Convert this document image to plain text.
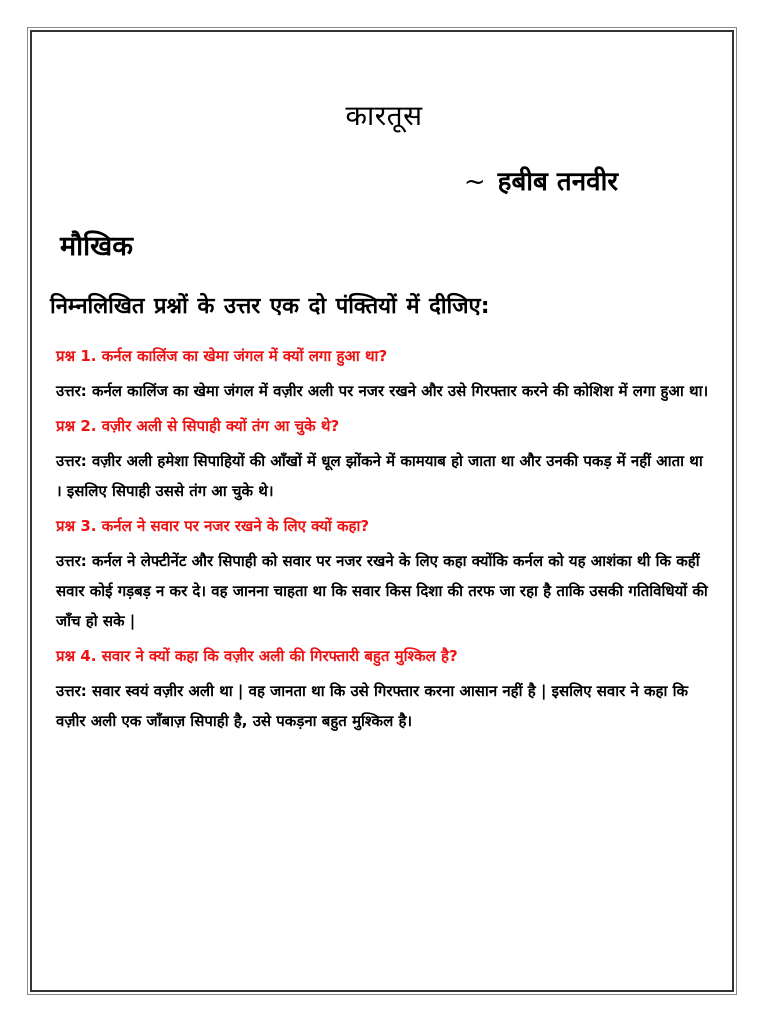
कारतूस
~ हबीब तनवीर
मौखिक
निम्नलिखित प्रश्नों के उत्तर एक दो पंक्तियों में दीजिए:
प्रश्न 1. कर्नल कालिंज का खेमा जंगल में क्यों लगा हुआ था?
उत्तर: कर्नल कालिंज का खेमा जंगल में वज़ीर अली पर नजर रखने और उसे गिरफ्तार करने की कोशिश में लगा हुआ था।
प्रश्न 2. वज़ीर अली से सिपाही क्यों तंग आ चुके थे?
उत्तर: वज़ीर अली हमेशा सिपाहियों की आँखों में धूल झोंकने में कामयाब हो जाता था और उनकी पकड़ में नहीं आता था । इसलिए सिपाही उससे तंग आ चुके थे।
प्रश्न 3. कर्नल ने सवार पर नजर रखने के लिए क्यों कहा?
उत्तर: कर्नल ने लेफ्टीनेंट और सिपाही को सवार पर नजर रखने के लिए कहा क्योंकि कर्नल को यह आशंका थी कि कहीं सवार कोई गड़बड़ न कर दे। वह जानना चाहता था कि सवार किस दिशा की तरफ जा रहा है ताकि उसकी गतिविधियों की जाँच हो सके |
प्रश्न 4. सवार ने क्यों कहा कि वज़ीर अली की गिरफ्तारी बहुत मुश्किल है?
उत्तर: सवार स्वयं वज़ीर अली था | वह जानता था कि उसे गिरफ्तार करना आसान नहीं है | इसलिए सवार ने कहा कि वज़ीर अली एक जाँबाज़ सिपाही है, उसे पकड़ना बहुत मुश्किल है।
